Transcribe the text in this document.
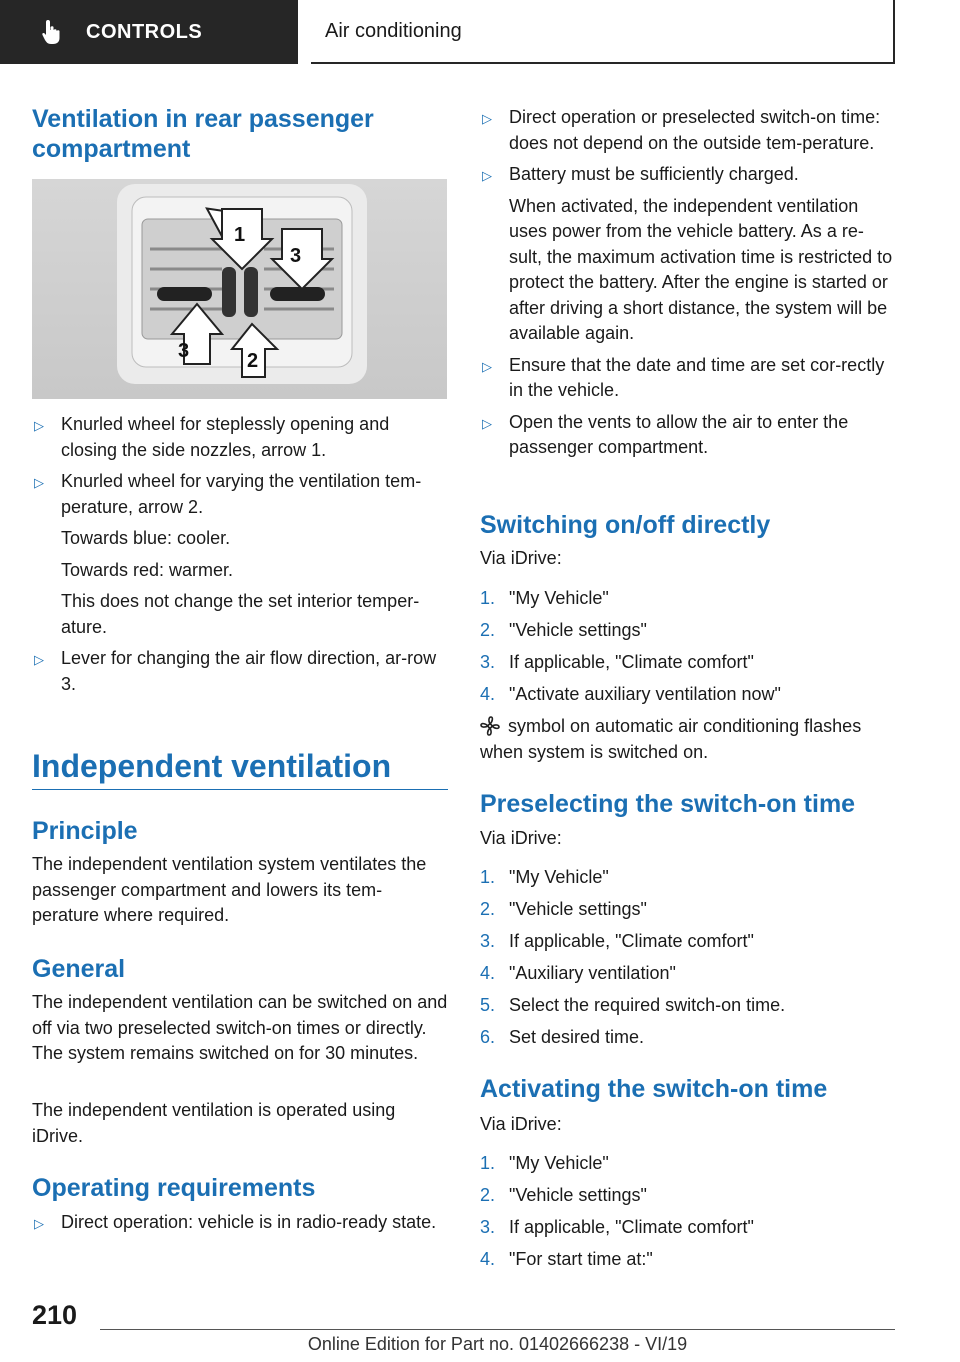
CONTROLS	Air conditioning
Ventilation in rear passenger compartment
1
2
3
3
▷ Knurled wheel for steplessly opening and closing the side nozzles, arrow 1.
▷ Knurled wheel for varying the ventilation tem-perature, arrow 2.
Towards blue: cooler.
Towards red: warmer.
This does not change the set interior temper-ature.
▷ Lever for changing the air flow direction, ar-row 3.
Independent ventilation
Principle

The independent ventilation system ventilates the passenger compartment and lowers its tem-perature where required.

General

The independent ventilation can be switched on and off via two preselected switch-on times or directly. The system remains switched on for 30 minutes.

The independent ventilation is operated using iDrive.

Operating requirements
▷ Direct operation: vehicle is in radio-ready state.
▷ Direct operation or preselected switch-on time: does not depend on the outside tem-perature.
▷ Battery must be sufficiently charged.

When activated, the independent ventilation uses power from the vehicle battery. As a re-sult, the maximum activation time is restricted to protect the battery. After the engine is started or after driving a short distance, the system will be available again.

▷ Ensure that the date and time are set cor-rectly in the vehicle.
▷ Open the vents to allow the air to enter the passenger compartment.
Switching on/off directly

Via iDrive:

1. "My Vehicle"
2. "Vehicle settings"
3. If applicable, "Climate comfort"
4. "Activate auxiliary ventilation now"

symbol on automatic air conditioning flashes when system is switched on.

Preselecting the switch-on time

Via iDrive:

1. "My Vehicle"
2. "Vehicle settings"
3. If applicable, "Climate comfort"
4. "Auxiliary ventilation"
5. Select the required switch-on time.
6. Set desired time.
Activating the switch-on time

Via iDrive:

1. "My Vehicle"
2. "Vehicle settings"
3. If applicable, "Climate comfort"
4. "For start time at:"
210
Online Edition for Part no. 01402666238 - VI/19
